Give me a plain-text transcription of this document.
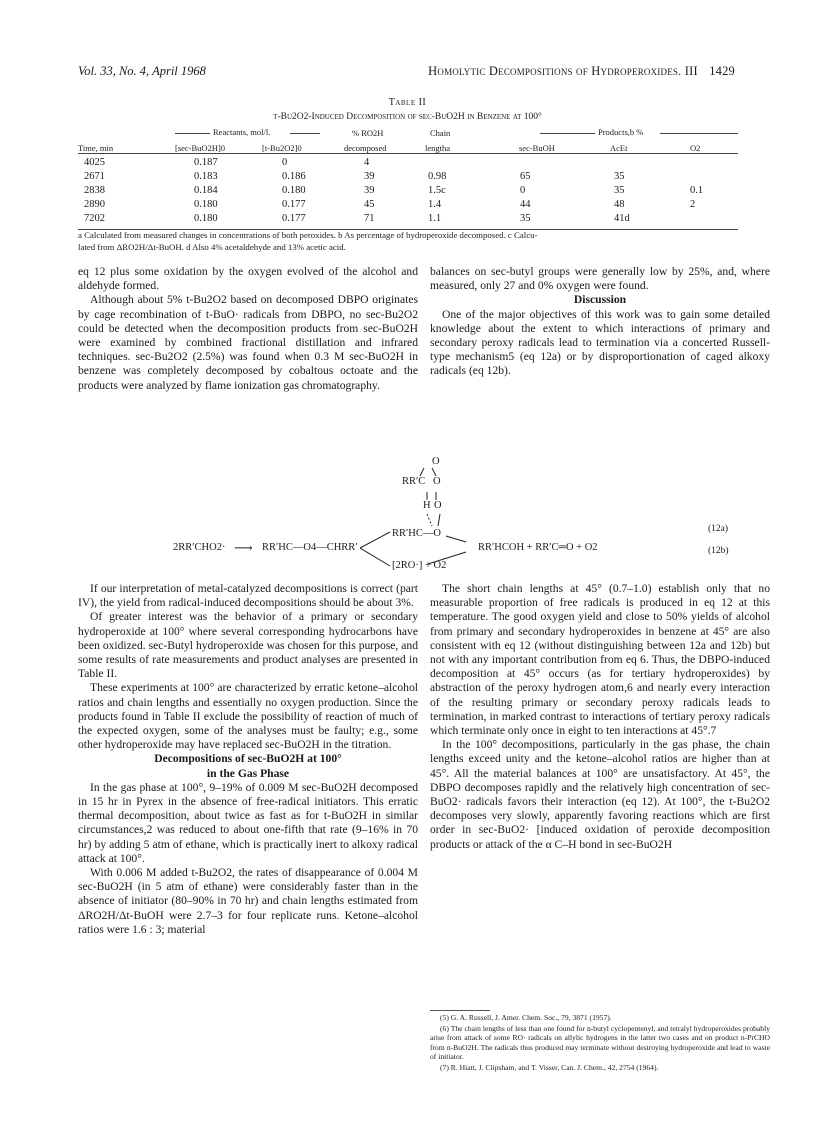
Vol. 33, No. 4, April 1968	Homolytic Decompositions of Hydroperoxides. III 1429
Table II
t-Bu2O2-Induced Decomposition of sec-BuO2H in Benzene at 100°
Reactants, mol/l.	Products,b %
Time, min	[sec-BuO2H]0	[t-Bu2O2]0
% RO2H
decomposed
Chain
lengtha	sec-BuOH	AcEt	O2
4025	0.187	0	4
2671	0.183	0.186	39	0.98	65	35
2838	0.184	0.180	39	1.5c	0	35	0.1
2890	0.180	0.177	45	1.4	44	48	2
7202	0.180	0.177	71	1.1	35	41d
a Calculated from measured changes in concentrations of both peroxides. b As percentage of hydroperoxide decomposed. c Calcu-
lated from ΔRO2H/Δt-BuOH. d Also 4% acetaldehyde and 13% acetic acid.

eq 12 plus some oxidation by the oxygen evolved of the alcohol and aldehyde formed.

Although about 5% t-Bu2O2 based on decomposed DBPO originates by cage recombination of t-BuO· radicals from DBPO, no sec-Bu2O2 could be detected when the decomposition products from sec-BuO2H were examined by combined fractional distillation and infrared techniques. sec-Bu2O2 (2.5%) was found when 0.3 M sec-BuO2H in benzene was completely decomposed by cobaltous octoate and the products were analyzed by flame ionization gas chromatography.

balances on sec-butyl groups were generally low by 25%, and, where measured, only 27 and 0% oxygen were found.

Discussion

One of the major objectives of this work was to gain some detailed knowledge about the extent to which interactions of primary and secondary peroxy radicals lead to termination via a concerted Russell-type mechanism5 (eq 12a) or by disproportionation of caged alkoxy radicals (eq 12b).

O
RR′C O
H O
RR′HC—O
2RR′CHO2· ⟶ RR′HC—O4—CHRR′
[2RO·] + O2
RR′HCOH + RR′C═O + O2
(12a)
(12b)

If our interpretation of metal-catalyzed decompositions is correct (part IV), the yield from radical-induced decompositions should be about 3%.

Of greater interest was the behavior of a primary or secondary hydroperoxide at 100° where several corresponding hydrocarbons have been oxidized. sec-Butyl hydroperoxide was chosen for this purpose, and some results of rate measurements and product analyses are presented in Table II.

These experiments at 100° are characterized by erratic ketone–alcohol ratios and chain lengths and essentially no oxygen production. Since the products found in Table II exclude the possibility of reaction of much of the expected oxygen, some of the analyses must be faulty; e.g., some other hydroperoxide may have replaced sec-BuO2H in the titration.

Decompositions of sec-BuO2H at 100°

in the Gas Phase

In the gas phase at 100°, 9–19% of 0.009 M sec-BuO2H decomposed in 15 hr in Pyrex in the absence of free-radical initiators. This erratic thermal decomposition, about twice as fast as for t-BuO2H in similar circumstances,2 was reduced to about one-fifth that rate (9–16% in 70 hr) by adding 5 atm of ethane, which is practically inert to alkoxy radical attack at 100°.

With 0.006 M added t-Bu2O2, the rates of disappearance of 0.004 M sec-BuO2H (in 5 atm of ethane) were considerably faster than in the absence of initiator (80–90% in 70 hr) and chain lengths estimated from ΔRO2H/Δt-BuOH were 2.7–3 for four replicate runs. Ketone–alcohol ratios were 1.6 : 3; material

The short chain lengths at 45° (0.7–1.0) establish only that no measurable proportion of free radicals is produced in eq 12 at this temperature. The good oxygen yield and close to 50% yields of alcohol from primary and secondary hydroperoxides in benzene at 45° are also consistent with eq 12 (without distinguishing between 12a and 12b) but not with any important contribution from eq 6. Thus, the DBPO-induced decomposition at 45° occurs (as for tertiary hydroperoxides) by abstraction of the peroxy hydrogen atom,6 and nearly every interaction of the resulting primary or secondary peroxy radicals leads to termination, in marked contrast to interactions of tertiary peroxy radicals which terminate only once in eight to ten interactions at 45°.7

In the 100° decompositions, particularly in the gas phase, the chain lengths exceed unity and the ketone–alcohol ratios are higher than at 45°. All the material balances at 100° are unsatisfactory. At 45°, the DBPO decomposes rapidly and the relatively high concentration of sec-BuO2· radicals favors their interaction (eq 12). At 100°, the t-Bu2O2 decomposes very slowly, apparently favoring reactions which are first order in sec-BuO2· [induced oxidation of peroxide decomposition products or attack of the α C–H bond in sec-BuO2H

(5) G. A. Russell, J. Amer. Chem. Soc., 79, 3871 (1957).

(6) The chain lengths of less than one found for n-butyl cyclopentenyl, and tetralyl hydroperoxides probably arise from attack of some RO· radicals on allylic hydrogens in the latter two cases and on product n-PrCHO from n-BuO2H. The radicals thus produced may terminate without destroying hydroperoxide and lead to waste of initiator.

(7) R. Hiatt, J. Clipsham, and T. Visser, Can. J. Chem., 42, 2754 (1964).
